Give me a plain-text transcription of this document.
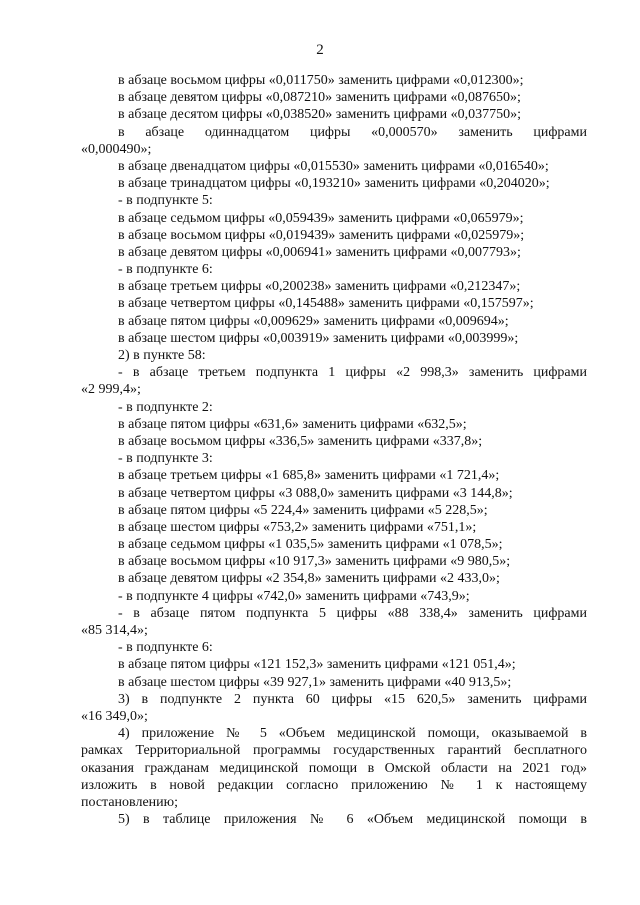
2
в абзаце восьмом цифры «0,011750» заменить цифрами «0,012300»;
в абзаце девятом цифры «0,087210» заменить цифрами «0,087650»;
в абзаце десятом цифры «0,038520» заменить цифрами «0,037750»;
в абзаце одиннадцатом цифры «0,000570» заменить цифрами
«0,000490»;
в абзаце двенадцатом цифры «0,015530» заменить цифрами «0,016540»;
в абзаце тринадцатом цифры «0,193210» заменить цифрами «0,204020»;
- в подпункте 5:
в абзаце седьмом цифры «0,059439» заменить цифрами «0,065979»;
в абзаце восьмом цифры «0,019439» заменить цифрами «0,025979»;
в абзаце девятом цифры «0,006941» заменить цифрами «0,007793»;
- в подпункте 6:
в абзаце третьем цифры «0,200238» заменить цифрами «0,212347»;
в абзаце четвертом цифры «0,145488» заменить цифрами «0,157597»;
в абзаце пятом цифры «0,009629» заменить цифрами «0,009694»;
в абзаце шестом цифры «0,003919» заменить цифрами «0,003999»;
2) в пункте 58:
- в абзаце третьем подпункта 1 цифры «2 998,3» заменить цифрами
«2 999,4»;
- в подпункте 2:
в абзаце пятом цифры «631,6» заменить цифрами «632,5»;
в абзаце восьмом цифры «336,5» заменить цифрами «337,8»;
- в подпункте 3:
в абзаце третьем цифры «1 685,8» заменить цифрами «1 721,4»;
в абзаце четвертом цифры «3 088,0» заменить цифрами «3 144,8»;
в абзаце пятом цифры «5 224,4» заменить цифрами «5 228,5»;
в абзаце шестом цифры «753,2» заменить цифрами «751,1»;
в абзаце седьмом цифры «1 035,5» заменить цифрами «1 078,5»;
в абзаце восьмом цифры «10 917,3» заменить цифрами «9 980,5»;
в абзаце девятом цифры «2 354,8» заменить цифрами «2 433,0»;
- в подпункте 4 цифры «742,0» заменить цифрами «743,9»;
- в абзаце пятом подпункта 5 цифры «88 338,4» заменить цифрами
«85 314,4»;
- в подпункте 6:
в абзаце пятом цифры «121 152,3» заменить цифрами «121 051,4»;
в абзаце шестом цифры «39 927,1» заменить цифрами «40 913,5»;
3) в подпункте 2 пункта 60 цифры «15 620,5» заменить цифрами
«16 349,0»;
4) приложение № 5 «Объем медицинской помощи, оказываемой в
рамках Территориальной программы государственных гарантий бесплатного
оказания гражданам медицинской помощи в Омской области на 2021 год»
изложить в новой редакции согласно приложению № 1 к настоящему
постановлению;
5) в таблице приложения № 6 «Объем медицинской помощи в
